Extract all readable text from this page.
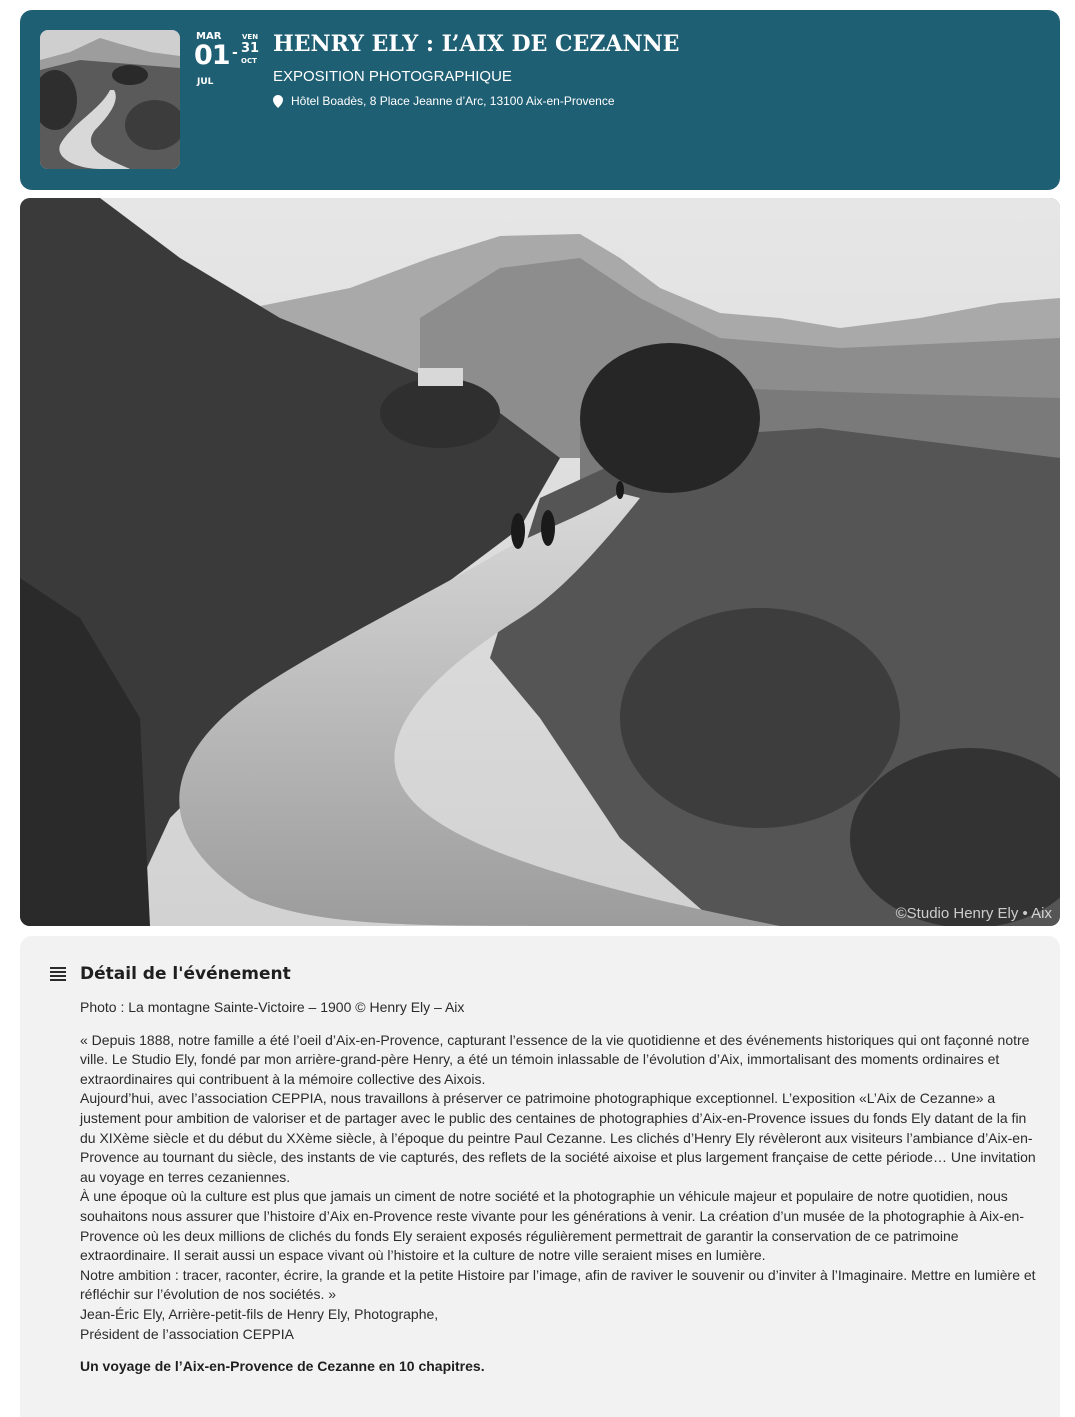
MAR
01
JUL
-
VEN
31
OCT
HENRY ELY : L’AIX DE CEZANNE
EXPOSITION PHOTOGRAPHIQUE
Hôtel Boadès, 8 Place Jeanne d’Arc, 13100 Aix-en-Provence
©Studio Henry Ely • Aix
Détail de l'événement

Photo : La montagne Sainte-Victoire – 1900 © Henry Ely – Aix

« Depuis 1888, notre famille a été l’oeil d’Aix-en-Provence, capturant l’essence de la vie quotidienne et des événements historiques qui ont façonné notre ville. Le Studio Ely, fondé par mon arrière-grand-père Henry, a été un témoin inlassable de l’évolution d’Aix, immortalisant des moments ordinaires et extraordinaires qui contribuent à la mémoire collective des Aixois.
Aujourd’hui, avec l’association CEPPIA, nous travaillons à préserver ce patrimoine photographique exceptionnel. L’exposition «L’Aix de Cezanne» a justement pour ambition de valoriser et de partager avec le public des centaines de photographies d’Aix-en-Provence issues du fonds Ely datant de la fin du XIXème siècle et du début du XXème siècle, à l’époque du peintre Paul Cezanne. Les clichés d’Henry Ely révèleront aux visiteurs l’ambiance d’Aix-en-Provence au tournant du siècle, des instants de vie capturés, des reflets de la société aixoise et plus largement française de cette période… Une invitation au voyage en terres cezaniennes.
À une époque où la culture est plus que jamais un ciment de notre société et la photographie un véhicule majeur et populaire de notre quotidien, nous souhaitons nous assurer que l’histoire d’Aix en-Provence reste vivante pour les générations à venir. La création d’un musée de la photographie à Aix-en-Provence où les deux millions de clichés du fonds Ely seraient exposés régulièrement permettrait de garantir la conservation de ce patrimoine extraordinaire. Il serait aussi un espace vivant où l’histoire et la culture de notre ville seraient mises en lumière.
Notre ambition : tracer, raconter, écrire, la grande et la petite Histoire par l’image, afin de raviver le souvenir ou d’inviter à l’Imaginaire. Mettre en lumière et réfléchir sur l’évolution de nos sociétés. »
Jean-Éric Ely, Arrière-petit-fils de Henry Ely, Photographe,
Président de l’association CEPPIA

Un voyage de l’Aix-en-Provence de Cezanne en 10 chapitres.
